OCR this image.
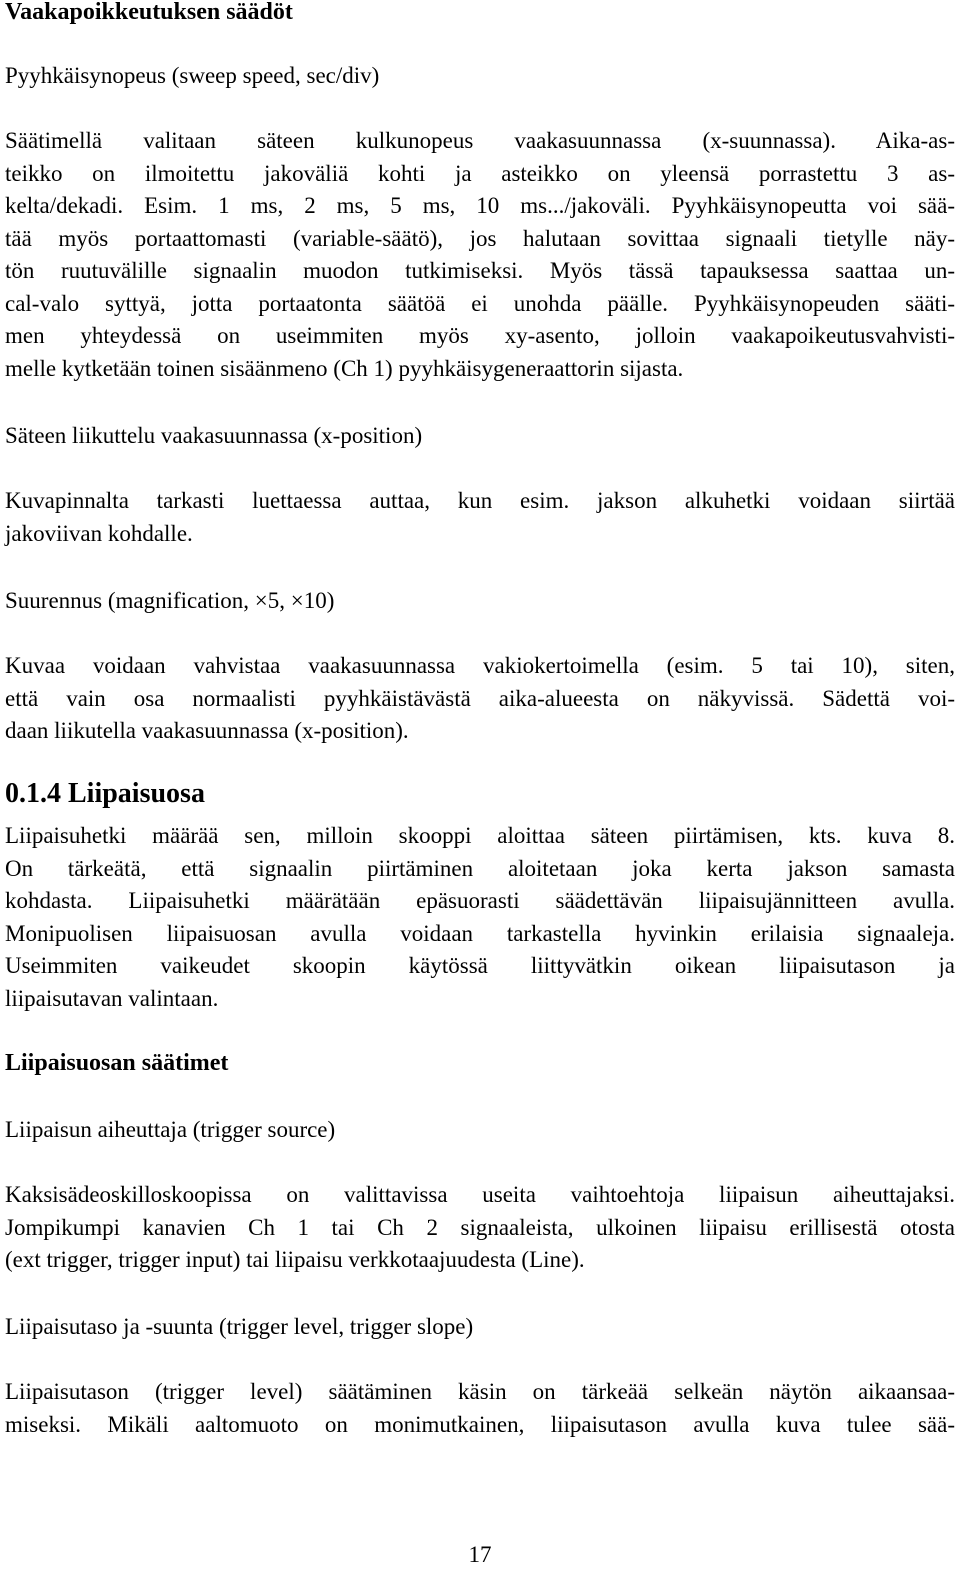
Vaakapoikkeutuksen säädöt
Pyyhkäisynopeus (sweep speed, sec/div)
Säätimellä valitaan säteen kulkunopeus vaakasuunnassa (x-suunnassa). Aika-as-
teikko on ilmoitettu jakoväliä kohti ja asteikko on yleensä porrastettu 3 as-
kelta/dekadi. Esim. 1 ms, 2 ms, 5 ms, 10 ms.../jakoväli. Pyyhkäisynopeutta voi sää-
tää myös portaattomasti (variable-säätö), jos halutaan sovittaa signaali tietylle näy-
tön ruutuvälille signaalin muodon tutkimiseksi. Myös tässä tapauksessa saattaa un-
cal-valo syttyä, jotta portaatonta säätöä ei unohda päälle. Pyyhkäisynopeuden sääti-
men yhteydessä on useimmiten myös xy-asento, jolloin vaakapoikeutusvahvisti-
melle kytketään toinen sisäänmeno (Ch 1) pyyhkäisygeneraattorin sijasta.
Säteen liikuttelu vaakasuunnassa (x-position)
Kuvapinnalta tarkasti luettaessa auttaa, kun esim. jakson alkuhetki voidaan siirtää
jakoviivan kohdalle.
Suurennus (magnification, ×5, ×10)
Kuvaa voidaan vahvistaa vaakasuunnassa vakiokertoimella (esim. 5 tai 10), siten,
että vain osa normaalisti pyyhkäistävästä aika-alueesta on näkyvissä. Sädettä voi-
daan liikutella vaakasuunnassa (x-position).
0.1.4 Liipaisuosa
Liipaisuhetki määrää sen, milloin skooppi aloittaa säteen piirtämisen, kts. kuva 8.
On tärkeätä, että signaalin piirtäminen aloitetaan joka kerta jakson samasta
kohdasta. Liipaisuhetki määrätään epäsuorasti säädettävän liipaisujännitteen avulla.
Monipuolisen liipaisuosan avulla voidaan tarkastella hyvinkin erilaisia signaaleja.
Useimmiten vaikeudet skoopin käytössä liittyvätkin oikean liipaisutason ja
liipaisutavan valintaan.
Liipaisuosan säätimet
Liipaisun aiheuttaja (trigger source)
Kaksisädeoskilloskoopissa on valittavissa useita vaihtoehtoja liipaisun aiheuttajaksi.
Jompikumpi kanavien Ch 1 tai Ch 2 signaaleista, ulkoinen liipaisu erillisestä otosta
(ext trigger, trigger input) tai liipaisu verkkotaajuudesta (Line).
Liipaisutaso ja -suunta (trigger level, trigger slope)
Liipaisutason (trigger level) säätäminen käsin on tärkeää selkeän näytön aikaansaa-
miseksi. Mikäli aaltomuoto on monimutkainen, liipaisutason avulla kuva tulee sää-
17
